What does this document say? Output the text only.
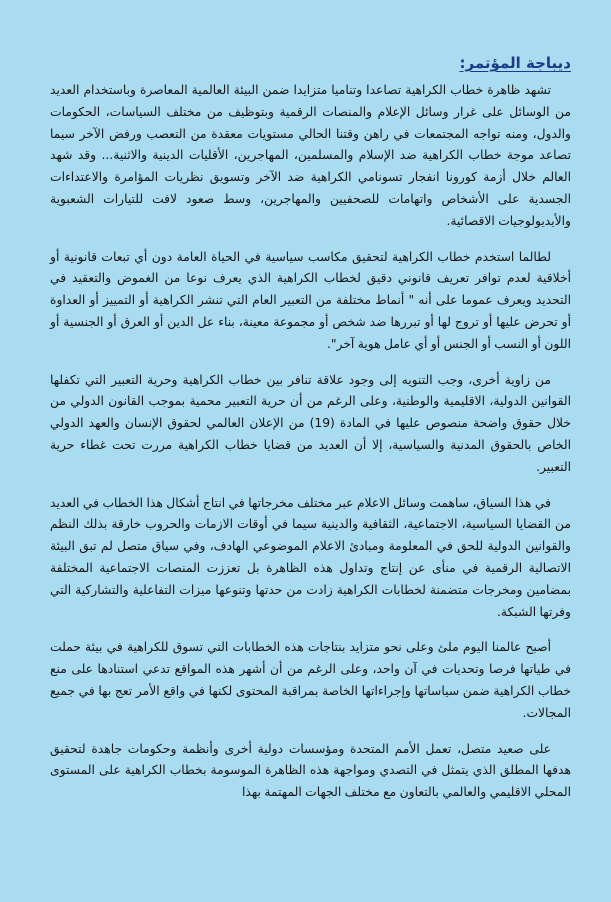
ديباجة المؤتمر:

تشهد ظاهرة خطاب الكراهية تصاعدا وتناميا متزايدا ضمن البيئة العالمية المعاصرة وباستخدام العديد من الوسائل على غرار وسائل الإعلام والمنصات الرقمية وبتوظيف من مختلف السياسات، الحكومات والدول، ومنه تواجه المجتمعات في راهن وقتنا الحالي مستويات معقدة من التعصب ورفض الآخر سيما تصاعد موجة خطاب الكراهية ضد الإسلام والمسلمين، المهاجرين، الأقليات الدينية والاثنية... وقد شهد العالم خلال أزمة كورونا انفجار تسونامي الكراهية ضد الآخر وتسويق نظريات المؤامرة والاعتداءات الجسدية على الأشخاص واتهامات للصحفيين والمهاجرين، وسط صعود لافت للتيارات الشعبوية والأيديولوجيات الاقصائية.

لطالما استخدم خطاب الكراهية لتحقيق مكاسب سياسية في الحياة العامة دون أي تبعات قانونية أو أخلاقية لعدم توافر تعريف قانوني دقيق لخطاب الكراهية الذي يعرف نوعا من الغموض والتعقيد في التحديد ويعرف عموما على أنه " أنماط مختلفة من التعبير العام التي تنشر الكراهية أو التمييز أو العداوة أو تحرض عليها أو تروج لها أو تبررها ضد شخص أو مجموعة معينة، بناء عل الدين أو العرق أو الجنسية أو اللون أو النسب أو الجنس أو أي عامل هوية آخر".

من زاوية أخرى، وجب التنويه إلى وجود علاقة تنافر بين خطاب الكراهية وحرية التعبير التي تكفلها القوانين الدولية، الاقليمية والوطنية، وعلى الرغم من أن حرية التعبير محمية بموجب القانون الدولي من خلال حقوق واضحة منصوص عليها في المادة (19) من الإعلان العالمي لحقوق الإنسان والعهد الدولي الخاص بالحقوق المدنية والسياسية، إلا أن العديد من قضايا خطاب الكراهية مررت تحت غطاء حرية التعبير.

في هذا السياق، ساهمت وسائل الاعلام عبر مختلف مخرجاتها في انتاج أشكال هذا الخطاب في العديد من القضايا السياسية، الاجتماعية، الثقافية والدينية سيما في أوقات الازمات والحروب خارقة بذلك النظم والقوانين الدولية للحق في المعلومة ومبادئ الاعلام الموضوعي الهادف، وفي سياق متصل لم تبق البيئة الاتصالية الرقمية في منأى عن إنتاج وتداول هذه الظاهرة بل تعززت المنصات الاجتماعية المختلفة بمضامين ومخرجات متضمنة لخطابات الكراهية زادت من حدتها وتنوعها ميزات التفاعلية والتشاركية التي وفرتها الشبكة.

أصبح عالمنا اليوم ملئ وعلى نحو متزايد بنتاجات هذه الخطابات التي تسوق للكراهية في بيئة حملت في طياتها فرصا وتحديات في آن واحد، وعلى الرغم من أن أشهر هذه المواقع تدعي استنادها على منع خطاب الكراهية ضمن سياساتها وإجراءاتها الخاصة بمراقبة المحتوى لكنها في واقع الأمر تعج بها في جميع المجالات.

على صعيد متصل، تعمل الأمم المتحدة ومؤسسات دولية أخرى وأنظمة وحكومات جاهدة لتحقيق هدفها المطلق الذي يتمثل في التصدي ومواجهة هذه الظاهرة الموسومة بخطاب الكراهية على المستوى المحلي الاقليمي والعالمي بالتعاون مع مختلف الجهات المهتمة بهذا
